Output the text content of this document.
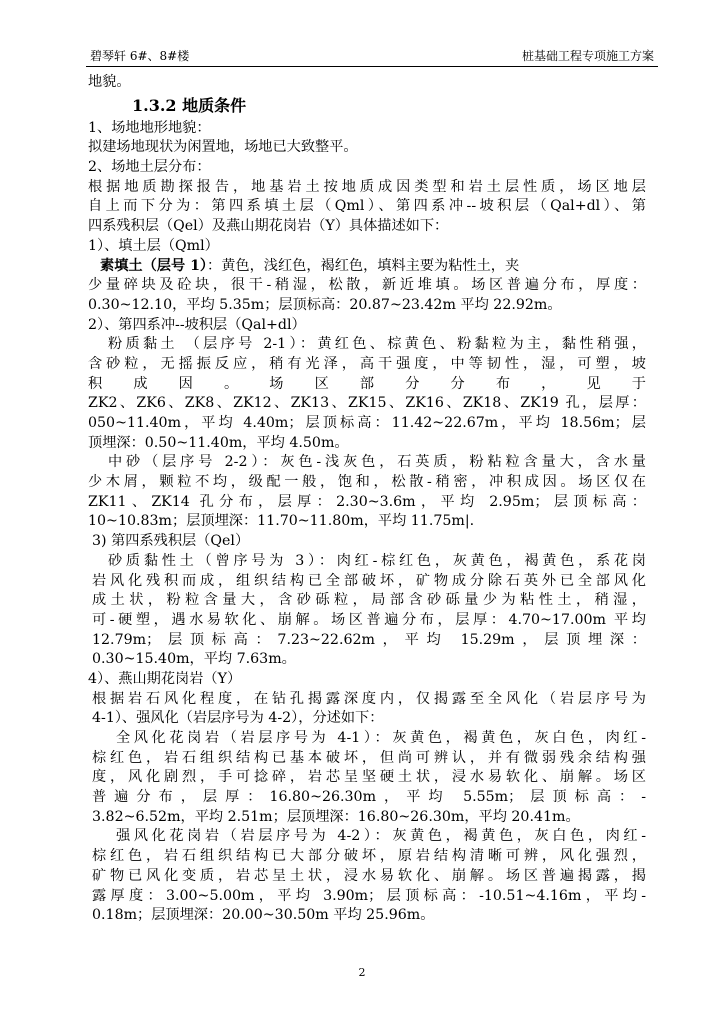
碧琴轩 6#、8#楼	桩基础工程专项施工方案
地貌。
1.3.2 地质条件
1、场地地形地貌：
拟建场地现状为闲置地，场地已大致整平。
2、场地土层分布：
根据地质勘探报告，地基岩土按地质成因类型和岩土层性质，场区地层
自上而下分为：第四系填土层（Qml）、第四系冲--坡积层（Qal+dl）、第
四系残积层（Qel）及燕山期花岗岩（Y）具体描述如下：
1）、填土层（Qml）
素填土（层号 1）：黄色，浅红色，褐红色，填料主要为粘性土，夹
少量碎块及砼块，很干-稍湿，松散，新近堆填。场区普遍分布，厚度：
0.30~12.10，平均 5.35m；层顶标高：20.87~23.42m 平均 22.92m。
2）、第四系冲--坡积层（Qal+dl）
粉质黏土 （层序号 2-1）：黄红色、棕黄色、粉黏粒为主，黏性稍强，
含砂粒，无摇振反应，稍有光泽，高干强度，中等韧性，湿，可塑，坡
积 成 因 。 场 区 部 分 分 布 ， 见 于
ZK2、ZK6、ZK8、ZK12、ZK13、ZK15、ZK16、ZK18、ZK19 孔，层厚：
050~11.40m，平均 4.40m；层顶标高：11.42~22.67m，平均 18.56m；层
顶埋深：0.50~11.40m，平均 4.50m。
中砂（层序号 2-2）：灰色-浅灰色，石英质，粉粘粒含量大，含水量
少木屑，颗粒不均，级配一般，饱和，松散-稍密，冲积成因。场区仅在
ZK11、ZK14 孔分布，层厚：2.30~3.6m，平均 2.95m；层顶标高：
10~10.83m；层顶埋深：11.70~11.80m，平均 11.75m|.
3) 第四系残积层（Qel）
砂质黏性土（曾序号为 3）：肉红-棕红色，灰黄色，褐黄色，系花岗
岩风化残积而成，组织结构已全部破坏，矿物成分除石英外已全部风化
成土状，粉粒含量大，含砂砾粒，局部含砂砾量少为粘性土，稍湿，
可-硬塑，遇水易软化、崩解。场区普遍分布，层厚：4.70~17.00m 平均
12.79m；层顶标高：7.23~22.62m，平均 15.29m，层顶埋深：
0.30~15.40m，平均 7.63m。
4）、燕山期花岗岩（Y）
根据岩石风化程度，在钻孔揭露深度内，仅揭露至全风化（岩层序号为
4-1）、强风化（岩层序号为 4-2），分述如下：
全风化花岗岩（岩层序号为 4-1）：灰黄色，褐黄色，灰白色，肉红-
棕红色，岩石组织结构已基本破坏，但尚可辨认，并有微弱残余结构强
度，风化剧烈，手可捻碎，岩芯呈坚硬土状，浸水易软化、崩解。场区
普遍分布，层厚：16.80~26.30m，平均 5.55m；层顶标高：-
3.82~6.52m，平均 2.51m；层顶埋深：16.80~26.30m，平均 20.41m。
强风化花岗岩（岩层序号为 4-2）：灰黄色，褐黄色，灰白色，肉红-
棕红色，岩石组织结构已大部分破坏，原岩结构清晰可辨，风化强烈，
矿物已风化变质，岩芯呈土状，浸水易软化、崩解。场区普遍揭露，揭
露厚度：3.00~5.00m，平均 3.90m；层顶标高：-10.51~4.16m，平均-
0.18m；层顶埋深：20.00~30.50m 平均 25.96m。
2
